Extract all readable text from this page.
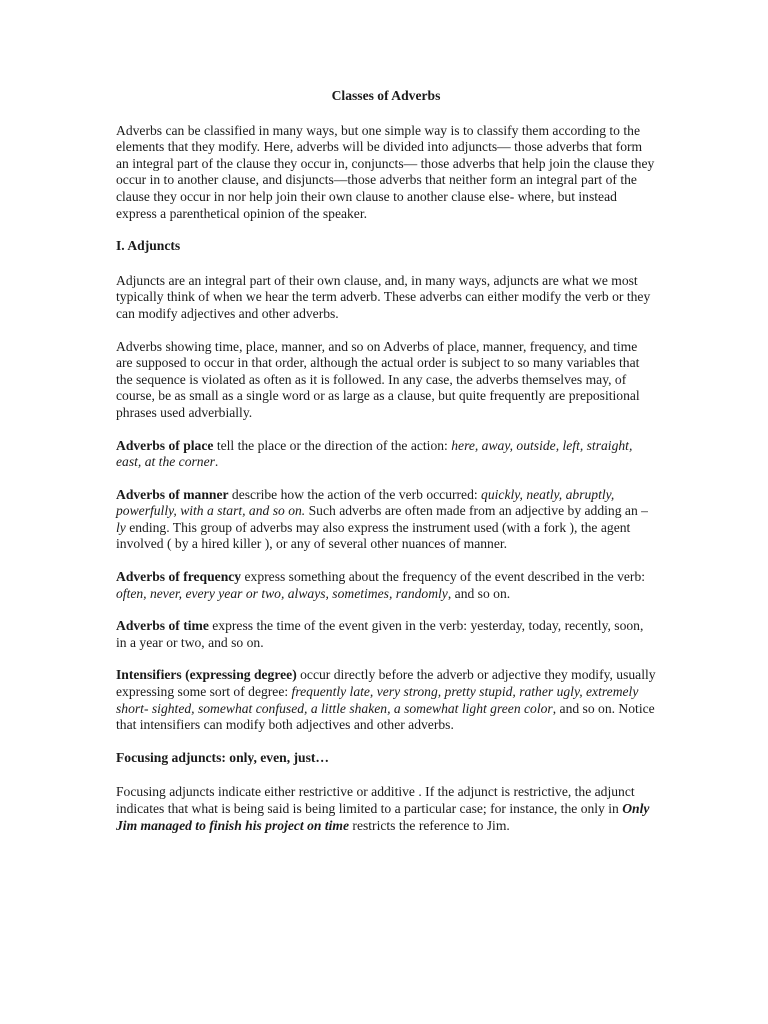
Classes of Adverbs

Adverbs can be classified in many ways, but one simple way is to classify them according to the elements that they modify. Here, adverbs will be divided into adjuncts— those adverbs that form an integral part of the clause they occur in, conjuncts— those adverbs that help join the clause they occur in to another clause, and disjuncts—those adverbs that neither form an integral part of the clause they occur in nor help join their own clause to another clause else- where, but instead express a parenthetical opinion of the speaker.

I. Adjuncts

Adjuncts are an integral part of their own clause, and, in many ways, adjuncts are what we most typically think of when we hear the term adverb. These adverbs can either modify the verb or they can modify adjectives and other adverbs.

Adverbs showing time, place, manner, and so on Adverbs of place, manner, frequency, and time are supposed to occur in that order, although the actual order is subject to so many variables that the sequence is violated as often as it is followed. In any case, the adverbs themselves may, of course, be as small as a single word or as large as a clause, but quite frequently are prepositional phrases used adverbially.

Adverbs of place tell the place or the direction of the action: here, away, outside, left, straight, east, at the corner.

Adverbs of manner describe how the action of the verb occurred: quickly, neatly, abruptly, powerfully, with a start, and so on. Such adverbs are often made from an adjective by adding an –ly ending. This group of adverbs may also express the instrument used (with a fork ), the agent involved ( by a hired killer ), or any of several other nuances of manner.

Adverbs of frequency express something about the frequency of the event described in the verb: often, never, every year or two, always, sometimes, randomly, and so on.

Adverbs of time express the time of the event given in the verb: yesterday, today, recently, soon, in a year or two, and so on.

Intensifiers (expressing degree) occur directly before the adverb or adjective they modify, usually expressing some sort of degree: frequently late, very strong, pretty stupid, rather ugly, extremely short- sighted, somewhat confused, a little shaken, a somewhat light green color, and so on. Notice that intensifiers can modify both adjectives and other adverbs.

Focusing adjuncts: only, even, just…

Focusing adjuncts indicate either restrictive or additive . If the adjunct is restrictive, the adjunct indicates that what is being said is being limited to a particular case; for instance, the only in Only Jim managed to finish his project on time restricts the reference to Jim.
